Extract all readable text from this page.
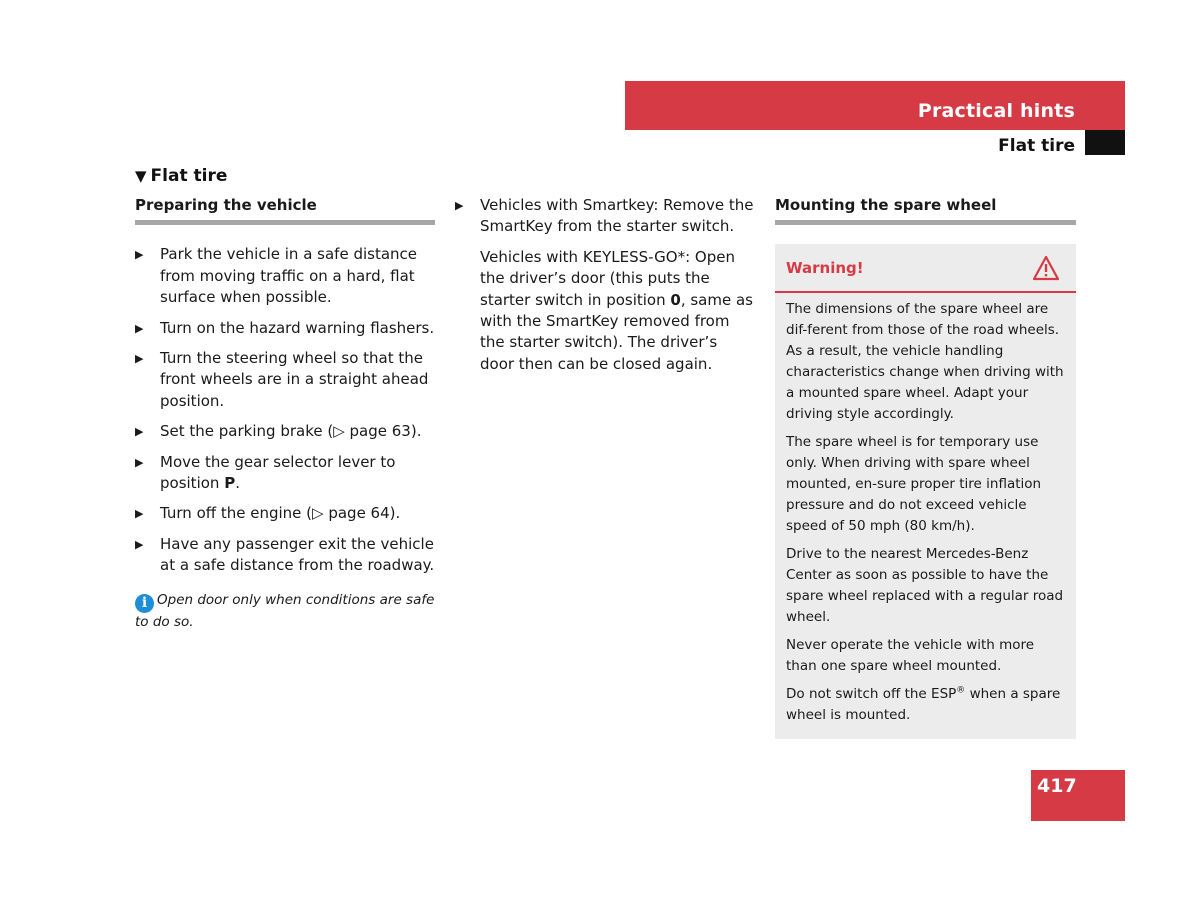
Practical hints
Flat tire
▼ Flat tire
Preparing the vehicle
▶ Park the vehicle in a safe distance from moving traffic on a hard, flat surface when possible.
▶ Turn on the hazard warning flashers.
▶ Turn the steering wheel so that the front wheels are in a straight ahead position.
▶ Set the parking brake (▷ page 63).
▶ Move the gear selector lever to position P.
▶ Turn off the engine (▷ page 64).
▶ Have any passenger exit the vehicle at a safe distance from the roadway.
i Open door only when conditions are safe to do so.
▶ Vehicles with Smartkey: Remove the SmartKey from the starter switch.
Vehicles with KEYLESS-GO*: Open the driver’s door (this puts the starter switch in position 0, same as with the SmartKey removed from the starter switch). The driver’s door then can be closed again.
Mounting the spare wheel
Warning!

The dimensions of the spare wheel are dif-ferent from those of the road wheels. As a result, the vehicle handling characteristics change when driving with a mounted spare wheel. Adapt your driving style accordingly.

The spare wheel is for temporary use only. When driving with spare wheel mounted, en-sure proper tire inflation pressure and do not exceed vehicle speed of 50 mph (80 km/h).

Drive to the nearest Mercedes-Benz Center as soon as possible to have the spare wheel replaced with a regular road wheel.

Never operate the vehicle with more than one spare wheel mounted.

Do not switch off the ESP® when a spare wheel is mounted.

417
